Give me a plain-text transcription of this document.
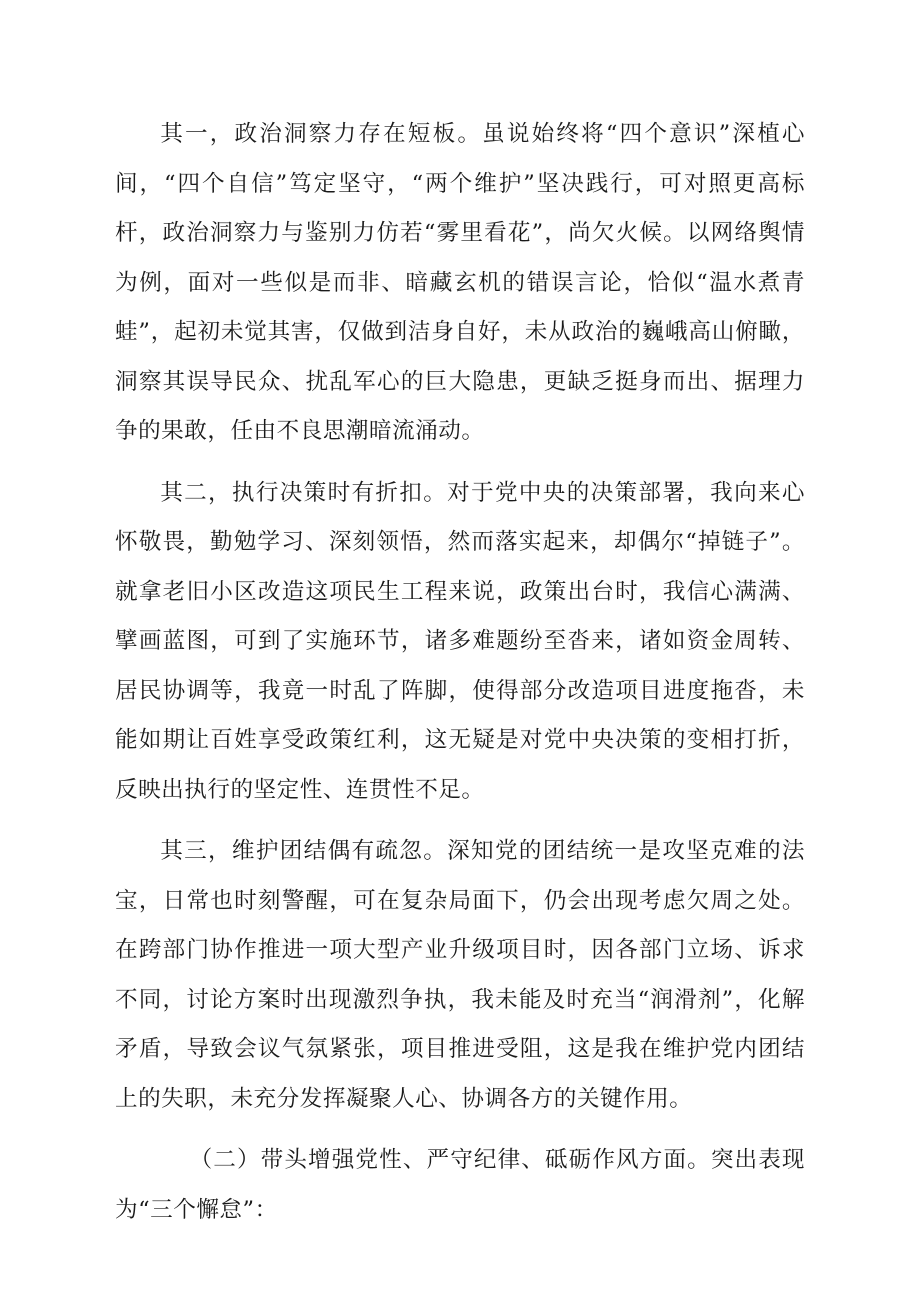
其一，政治洞察力存在短板。虽说始终将“四个意识”深植心间，“四个自信”笃定坚守，“两个维护”坚决践行，可对照更高标杆，政治洞察力与鉴别力仿若“雾里看花”，尚欠火候。以网络舆情为例，面对一些似是而非、暗藏玄机的错误言论，恰似“温水煮青蛙”，起初未觉其害，仅做到洁身自好，未从政治的巍峨高山俯瞰，洞察其误导民众、扰乱军心的巨大隐患，更缺乏挺身而出、据理力争的果敢，任由不良思潮暗流涌动。

其二，执行决策时有折扣。对于党中央的决策部署，我向来心怀敬畏，勤勉学习、深刻领悟，然而落实起来，却偶尔“掉链子”。就拿老旧小区改造这项民生工程来说，政策出台时，我信心满满、擘画蓝图，可到了实施环节，诸多难题纷至沓来，诸如资金周转、居民协调等，我竟一时乱了阵脚，使得部分改造项目进度拖沓，未能如期让百姓享受政策红利，这无疑是对党中央决策的变相打折，反映出执行的坚定性、连贯性不足。

其三，维护团结偶有疏忽。深知党的团结统一是攻坚克难的法宝，日常也时刻警醒，可在复杂局面下，仍会出现考虑欠周之处。在跨部门协作推进一项大型产业升级项目时，因各部门立场、诉求不同，讨论方案时出现激烈争执，我未能及时充当“润滑剂”，化解矛盾，导致会议气氛紧张，项目推进受阻，这是我在维护党内团结上的失职，未充分发挥凝聚人心、协调各方的关键作用。

（二）带头增强党性、严守纪律、砥砺作风方面。突出表现为“三个懈怠”：
